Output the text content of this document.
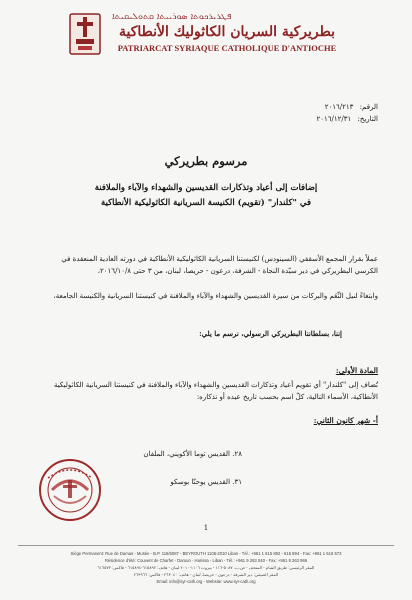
ܦܛܪܝܪܟܘܬܐ ܣܘܪܝܝܬܐ ܩܬܘܠܝܩܝܬܐ
بطريركية السريان الكاثوليك الأنطاكية
PATRIARCAT SYRIAQUE CATHOLIQUE D'ANTIOCHE
الرقم: ٢٠١٦/٢١٣
التاريخ: ٢٠١٦/١٢/٣١
مرسوم بطريركي
إضافات إلى أعياد وتذكارات القديسين والشهداء والآباء والملافنة
في "كلندار" (تقويم) الكنيسة السريانية الكاثوليكية الأنطاكية
عملاً بقرار المجمع الأسقفي (السينودس) لكنيستنا السريانية الكاثوليكية الأنطاكية في دورته العادية المنعقدة في
الكرسي البطريركي في دير سيّدة النجاة - الشرفة، درعون - حريصا، لبنان، من ٣ حتى ٢٠١٦/١٠/٨،
وابتغاءً لنيل النِّعَم والبركات من سيرة القديسين والشهداء والآباء والملافنة في كنيستنا السريانية والكنيسة الجامعة،
إننا، بسلطاننا البطريركي الرسولي، نرسم ما يلي:
المادة الأولى:
تُضاف إلى "كلندار" أي تقويم أعياد وتذكارات القديسين والشهداء والآباء والملافنة في كنيستنا السريانية الكاثوليكية
الأنطاكية، الأسماء التالية، كلّ اسم بحسب تاريخ عيده أو تذكاره:
أ- شهر كانون الثاني:
٢٨. القديس توما الأكويني، الملفان
٣١. القديس يوحنّا بوسكو
1
Siège Permanent: Rue de Damas - Musée - B.P. 116/5087 - BEYROUTH 1106-2010 Liban - Tél.: +961 1 615 892 - 615 894 - Fax: +961 1 616 573
Résidence d'été: Couvent de Charfet - Daroun - Harissa - Liban - Tél.: +961 9 263 040 - Fax: +961 9 263 966
المقر الرئيسي: طريق الشام - المتحف - ص.ب. ٥٠٨٧-١١٦ - بيروت ١١٠٦-٢٠١٠ لبنان - هاتف: ٦١٥٨٩٢-٦١٥٨٩٤ - فاكس: ٦١٦٥٧٣
المقر الصيفي: دير الشرفة - درعون - حريصا، لبنان - هاتف: ٢٦٣٠٤٠ - فاكس: ٢٦٣٩٦٦
Email: info@syr-cath.org - Website: www.syr-cath.org
